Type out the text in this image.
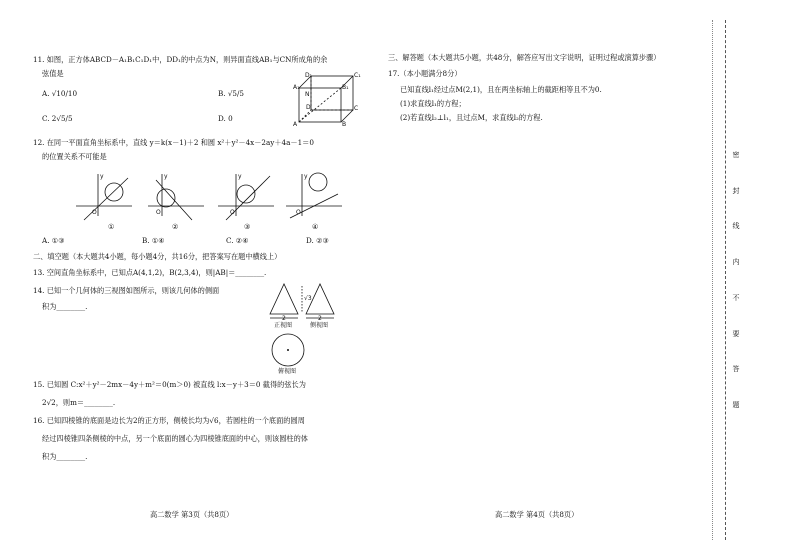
11. 如图，正方体ABCD－A₁B₁C₁D₁中，DD₁的中点为N，则异面直线AB₁与CN所成角的余
弦值是
A. √10/10	B. √5/5
C. 2√5/5	D. 0
D₁	C₁
A₁	B₁
N
D	C
A	B
12. 在同一平面直角坐标系中，直线 y＝k(x－1)＋2 和圆 x²＋y²－4x－2ay＋4a－1＝0
的位置关系不可能是
O	O	O	O
y	y	y	y
①	②	③	④
A. ①③	B. ①④	C. ②④	D. ②③
二、填空题（本大题共4小题，每小题4分，共16分，把答案写在题中横线上）
13. 空间直角坐标系中，已知点A(4,1,2)，B(2,3,4)，则|AB|＝________.
14. 已知一个几何体的三视图如图所示，则该几何体的侧面
积为________.
2	2
√3
正视图	侧视图
俯视图
15. 已知圆 C:x²＋y²－2mx－4y＋m²＝0(m＞0) 被直线 l:x－y＋3＝0 截得的弦长为
2√2，则m＝________.
16. 已知四棱锥的底面是边长为2的正方形，侧棱长均为√6，若圆柱的一个底面的圆周
经过四棱锥四条侧棱的中点，另一个底面的圆心为四棱锥底面的中心，则该圆柱的体
积为________.
高二数学 第3页（共8页）
三、解答题（本大题共5小题，共48分，解答应写出文字说明，证明过程或演算步骤）
17.（本小题满分8分）
已知直线l₁经过点M(2,1)，且在两坐标轴上的截距相等且不为0.
(1)求直线l₁的方程；
(2)若直线l₂⊥l₁，且过点M，求直线l₂的方程.
高二数学 第4页（共8页）
密
封
线
内
不
要
答
题
